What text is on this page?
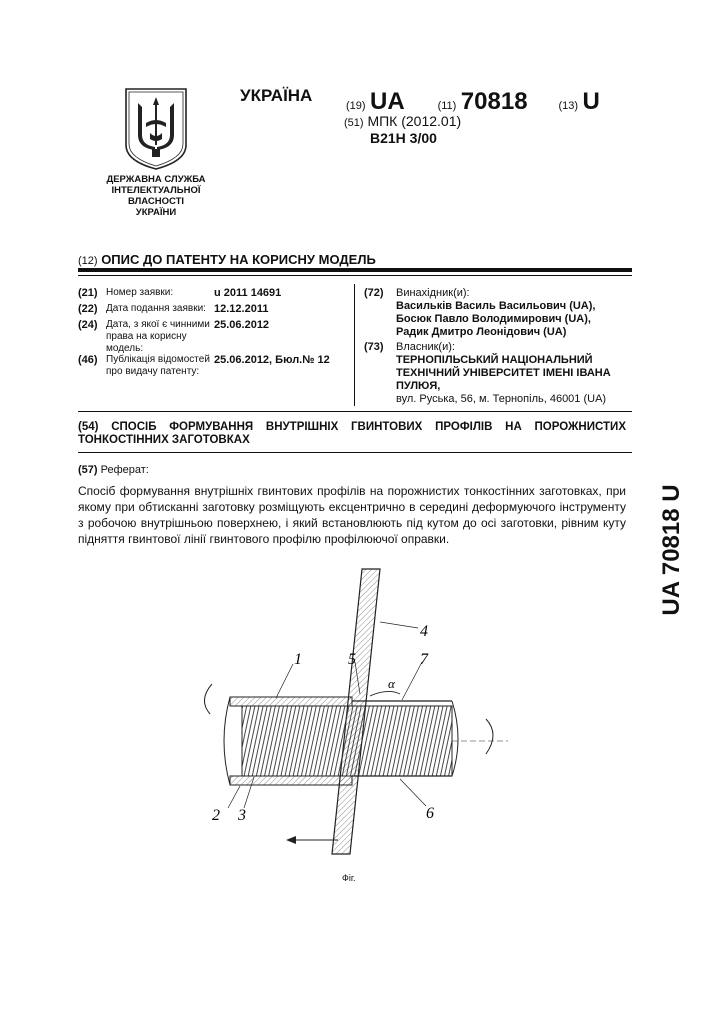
ДЕРЖАВНА СЛУЖБА
ІНТЕЛЕКТУАЛЬНОЇ
ВЛАСНОСТІ
УКРАЇНИ
УКРАЇНА
(19) UA	(11) 70818	(13) U
(51) МПК (2012.01)
B21H 3/00
(12) ОПИС ДО ПАТЕНТУ НА КОРИСНУ МОДЕЛЬ
(21) Номер заявки:	u 2011 14691
(22) Дата подання заявки: 12.12.2011
(24) Дата, з якої є чинними права на корисну модель:
25.06.2012
(46) Публікація відомостей про видачу патенту:
25.06.2012, Бюл.№ 12
(72) Винахідник(и):
Васильків Василь Васильович (UA),
Босюк Павло Володимирович (UA),
Радик Дмитро Леонідович (UA)
(73) Власник(и):
ТЕРНОПІЛЬСЬКИЙ НАЦІОНАЛЬНИЙ
ТЕХНІЧНИЙ УНІВЕРСИТЕТ ІМЕНІ ІВАНА
ПУЛЮЯ,
вул. Руська, 56, м. Тернопіль, 46001 (UA)
(54) СПОСІБ ФОРМУВАННЯ ВНУТРІШНІХ ГВИНТОВИХ ПРОФІЛІВ НА ПОРОЖНИСТИХ
ТОНКОСТІННИХ ЗАГОТОВКАХ
(57) Реферат:
Спосіб формування внутрішніх гвинтових профілів на порожнистих тонкостінних заготовках, при якому при обтисканні заготовку розміщують ексцентрично в середині деформуючого інструменту з робочою внутрішньою поверхнею, і який встановлюють під кутом до осі заготовки, рівним куту підняття гвинтової лінії гвинтового профілю профілюючої оправки.	UA 70818 U
1
2 3
4
5
6
7
α
Фіг.
